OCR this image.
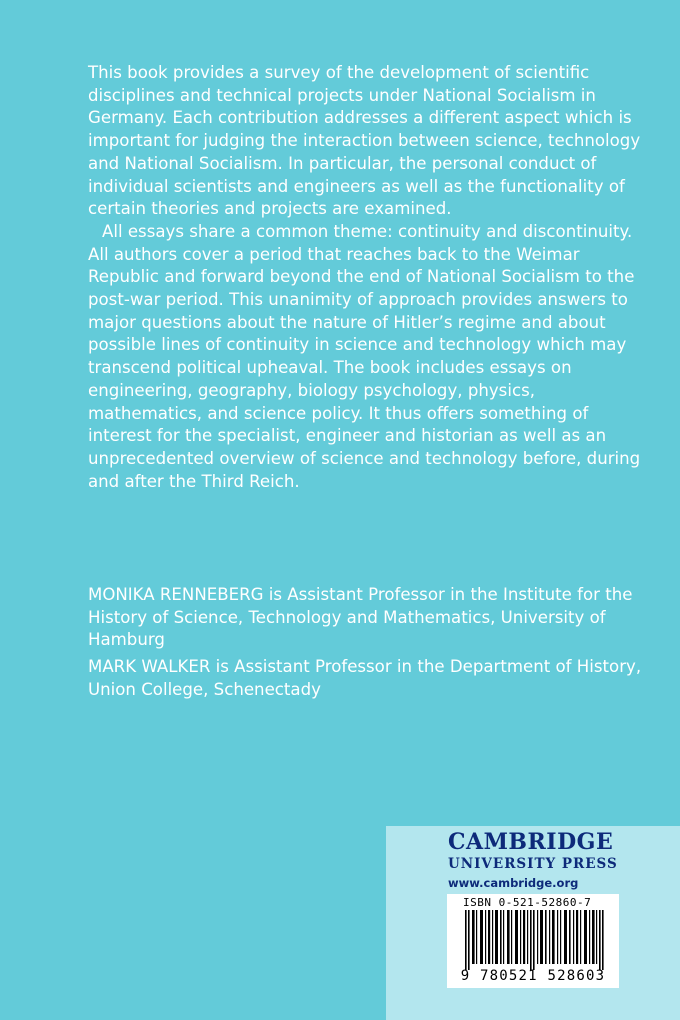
This book provides a survey of the development of scientific disciplines and technical projects under National Socialism in Germany. Each contribution addresses a different aspect which is important for judging the interaction between science, technology and National Socialism. In particular, the personal conduct of individual scientists and engineers as well as the functionality of certain theories and projects are examined.

All essays share a common theme: continuity and discontinuity. All authors cover a period that reaches back to the Weimar Republic and forward beyond the end of National Socialism to the post-war period. This unanimity of approach provides answers to major questions about the nature of Hitler’s regime and about possible lines of continuity in science and technology which may transcend political upheaval. The book includes essays on engineering, geography, biology psychology, physics, mathematics, and science policy. It thus offers something of interest for the specialist, engineer and historian as well as an unprecedented overview of science and technology before, during and after the Third Reich.

MONIKA RENNEBERG is Assistant Professor in the Institute for the History of Science, Technology and Mathematics, University of Hamburg

MARK WALKER is Assistant Professor in the Department of History, Union College, Schenectady

CAMBRIDGE
UNIVERSITY PRESS
www.cambridge.org
ISBN 0-521-52860-7
9 780521 528603
